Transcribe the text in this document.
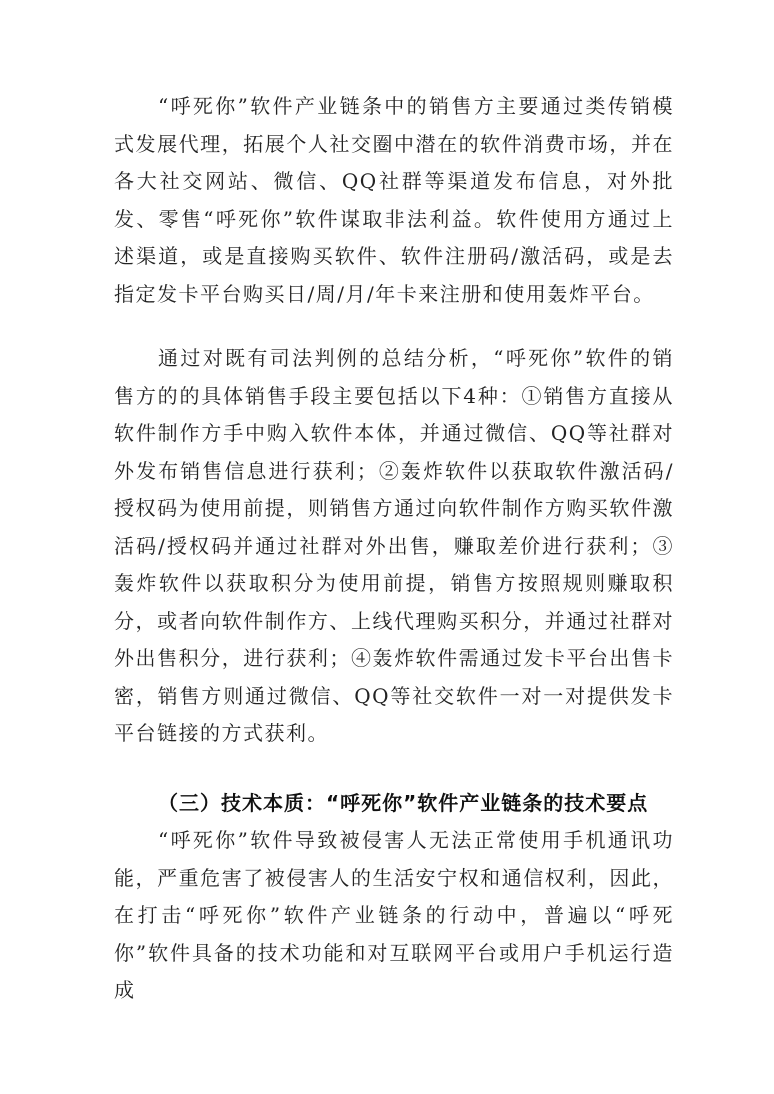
“呼死你”软件产业链条中的销售方主要通过类传销模式发展代理，拓展个人社交圈中潜在的软件消费市场，并在各大社交网站、微信、QQ社群等渠道发布信息，对外批发、零售“呼死你”软件谋取非法利益。软件使用方通过上述渠道，或是直接购买软件、软件注册码/激活码，或是去指定发卡平台购买日/周/月/年卡来注册和使用轰炸平台。

通过对既有司法判例的总结分析，“呼死你”软件的销售方的的具体销售手段主要包括以下4种：①销售方直接从软件制作方手中购入软件本体，并通过微信、QQ等社群对外发布销售信息进行获利；②轰炸软件以获取软件激活码/授权码为使用前提，则销售方通过向软件制作方购买软件激活码/授权码并通过社群对外出售，赚取差价进行获利；③轰炸软件以获取积分为使用前提，销售方按照规则赚取积分，或者向软件制作方、上线代理购买积分，并通过社群对外出售积分，进行获利；④轰炸软件需通过发卡平台出售卡密，销售方则通过微信、QQ等社交软件一对一对提供发卡平台链接的方式获利。

（三）技术本质：“呼死你”软件产业链条的技术要点

“呼死你”软件导致被侵害人无法正常使用手机通讯功能，严重危害了被侵害人的生活安宁权和通信权利，因此，在打击“呼死你”软件产业链条的行动中，普遍以“呼死你”软件具备的技术功能和对互联网平台或用户手机运行造成
